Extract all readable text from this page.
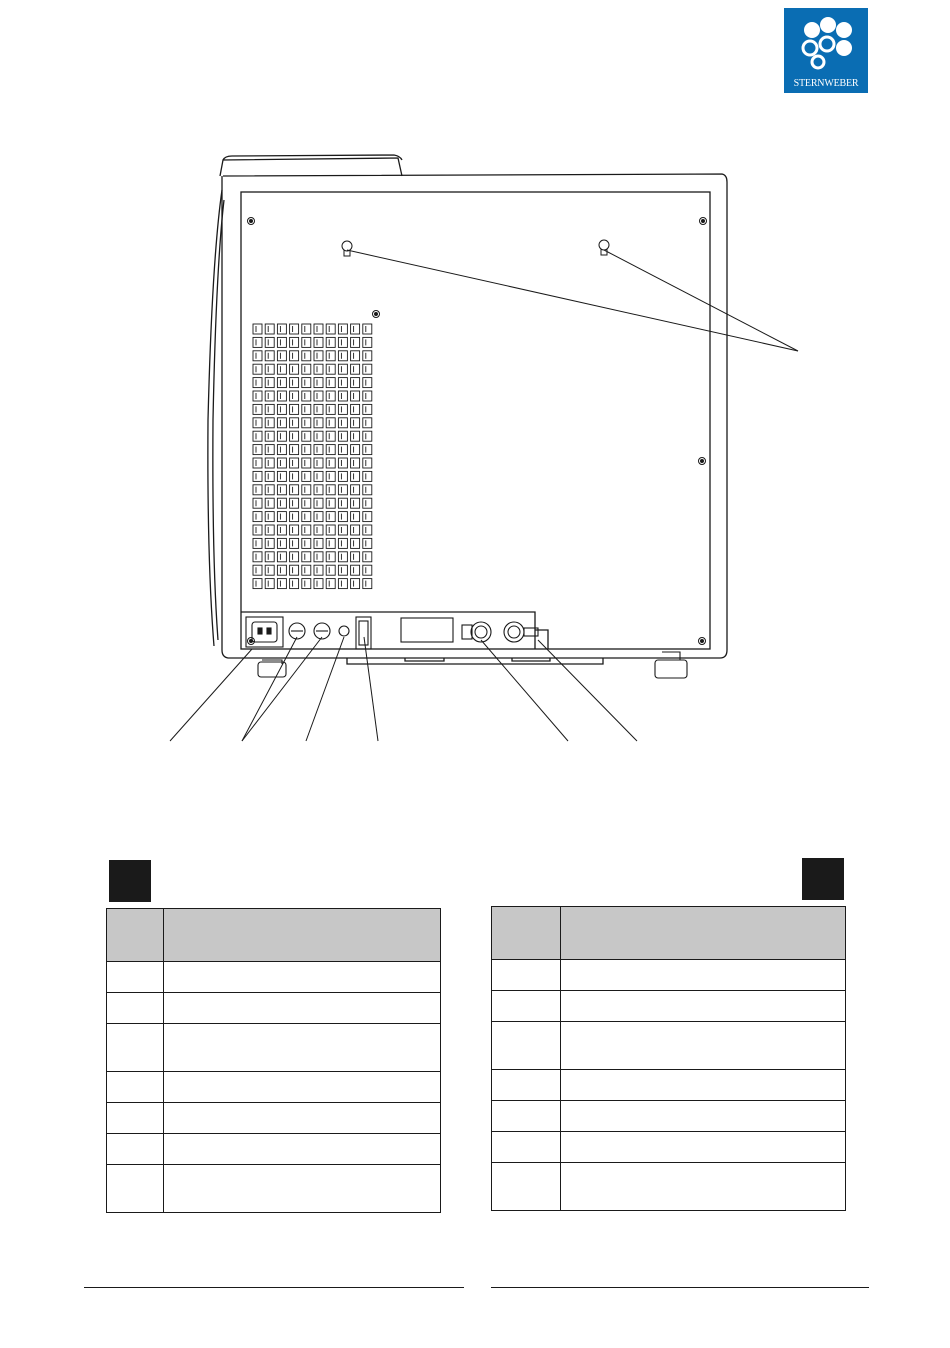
STERNWEBER
